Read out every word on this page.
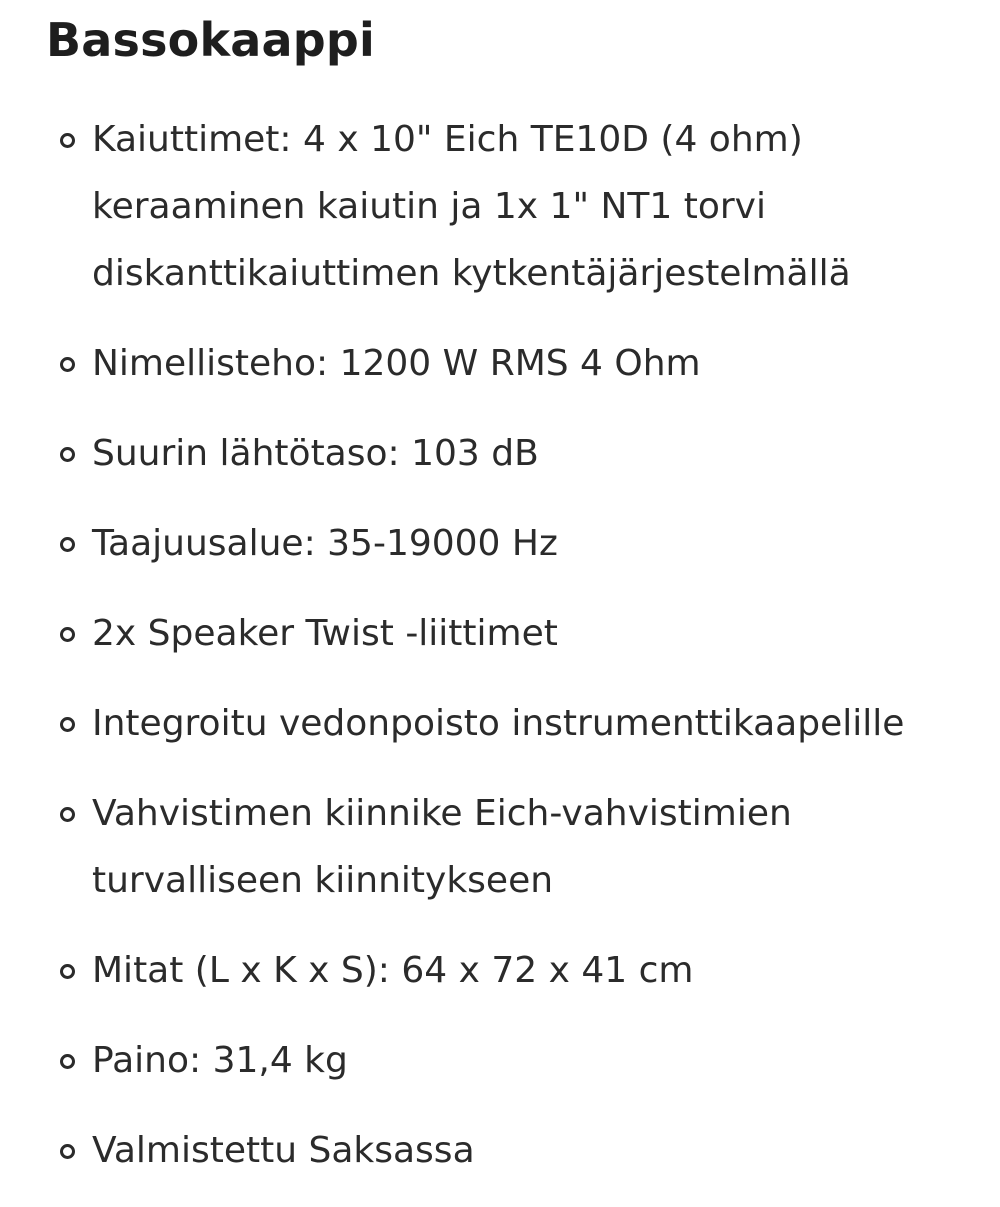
Bassokaappi
Kaiuttimet: 4 x 10" Eich TE10D (4 ohm) keraaminen kaiutin ja 1x 1" NT1 torvi diskanttikaiuttimen kytkentäjärjestelmällä
Nimellisteho: 1200 W RMS 4 Ohm
Suurin lähtötaso: 103 dB
Taajuusalue: 35-19000 Hz
2x Speaker Twist -liittimet
Integroitu vedonpoisto instrumenttikaapelille
Vahvistimen kiinnike Eich-vahvistimien turvalliseen kiinnitykseen
Mitat (L x K x S): 64 x 72 x 41 cm
Paino: 31,4 kg
Valmistettu Saksassa
